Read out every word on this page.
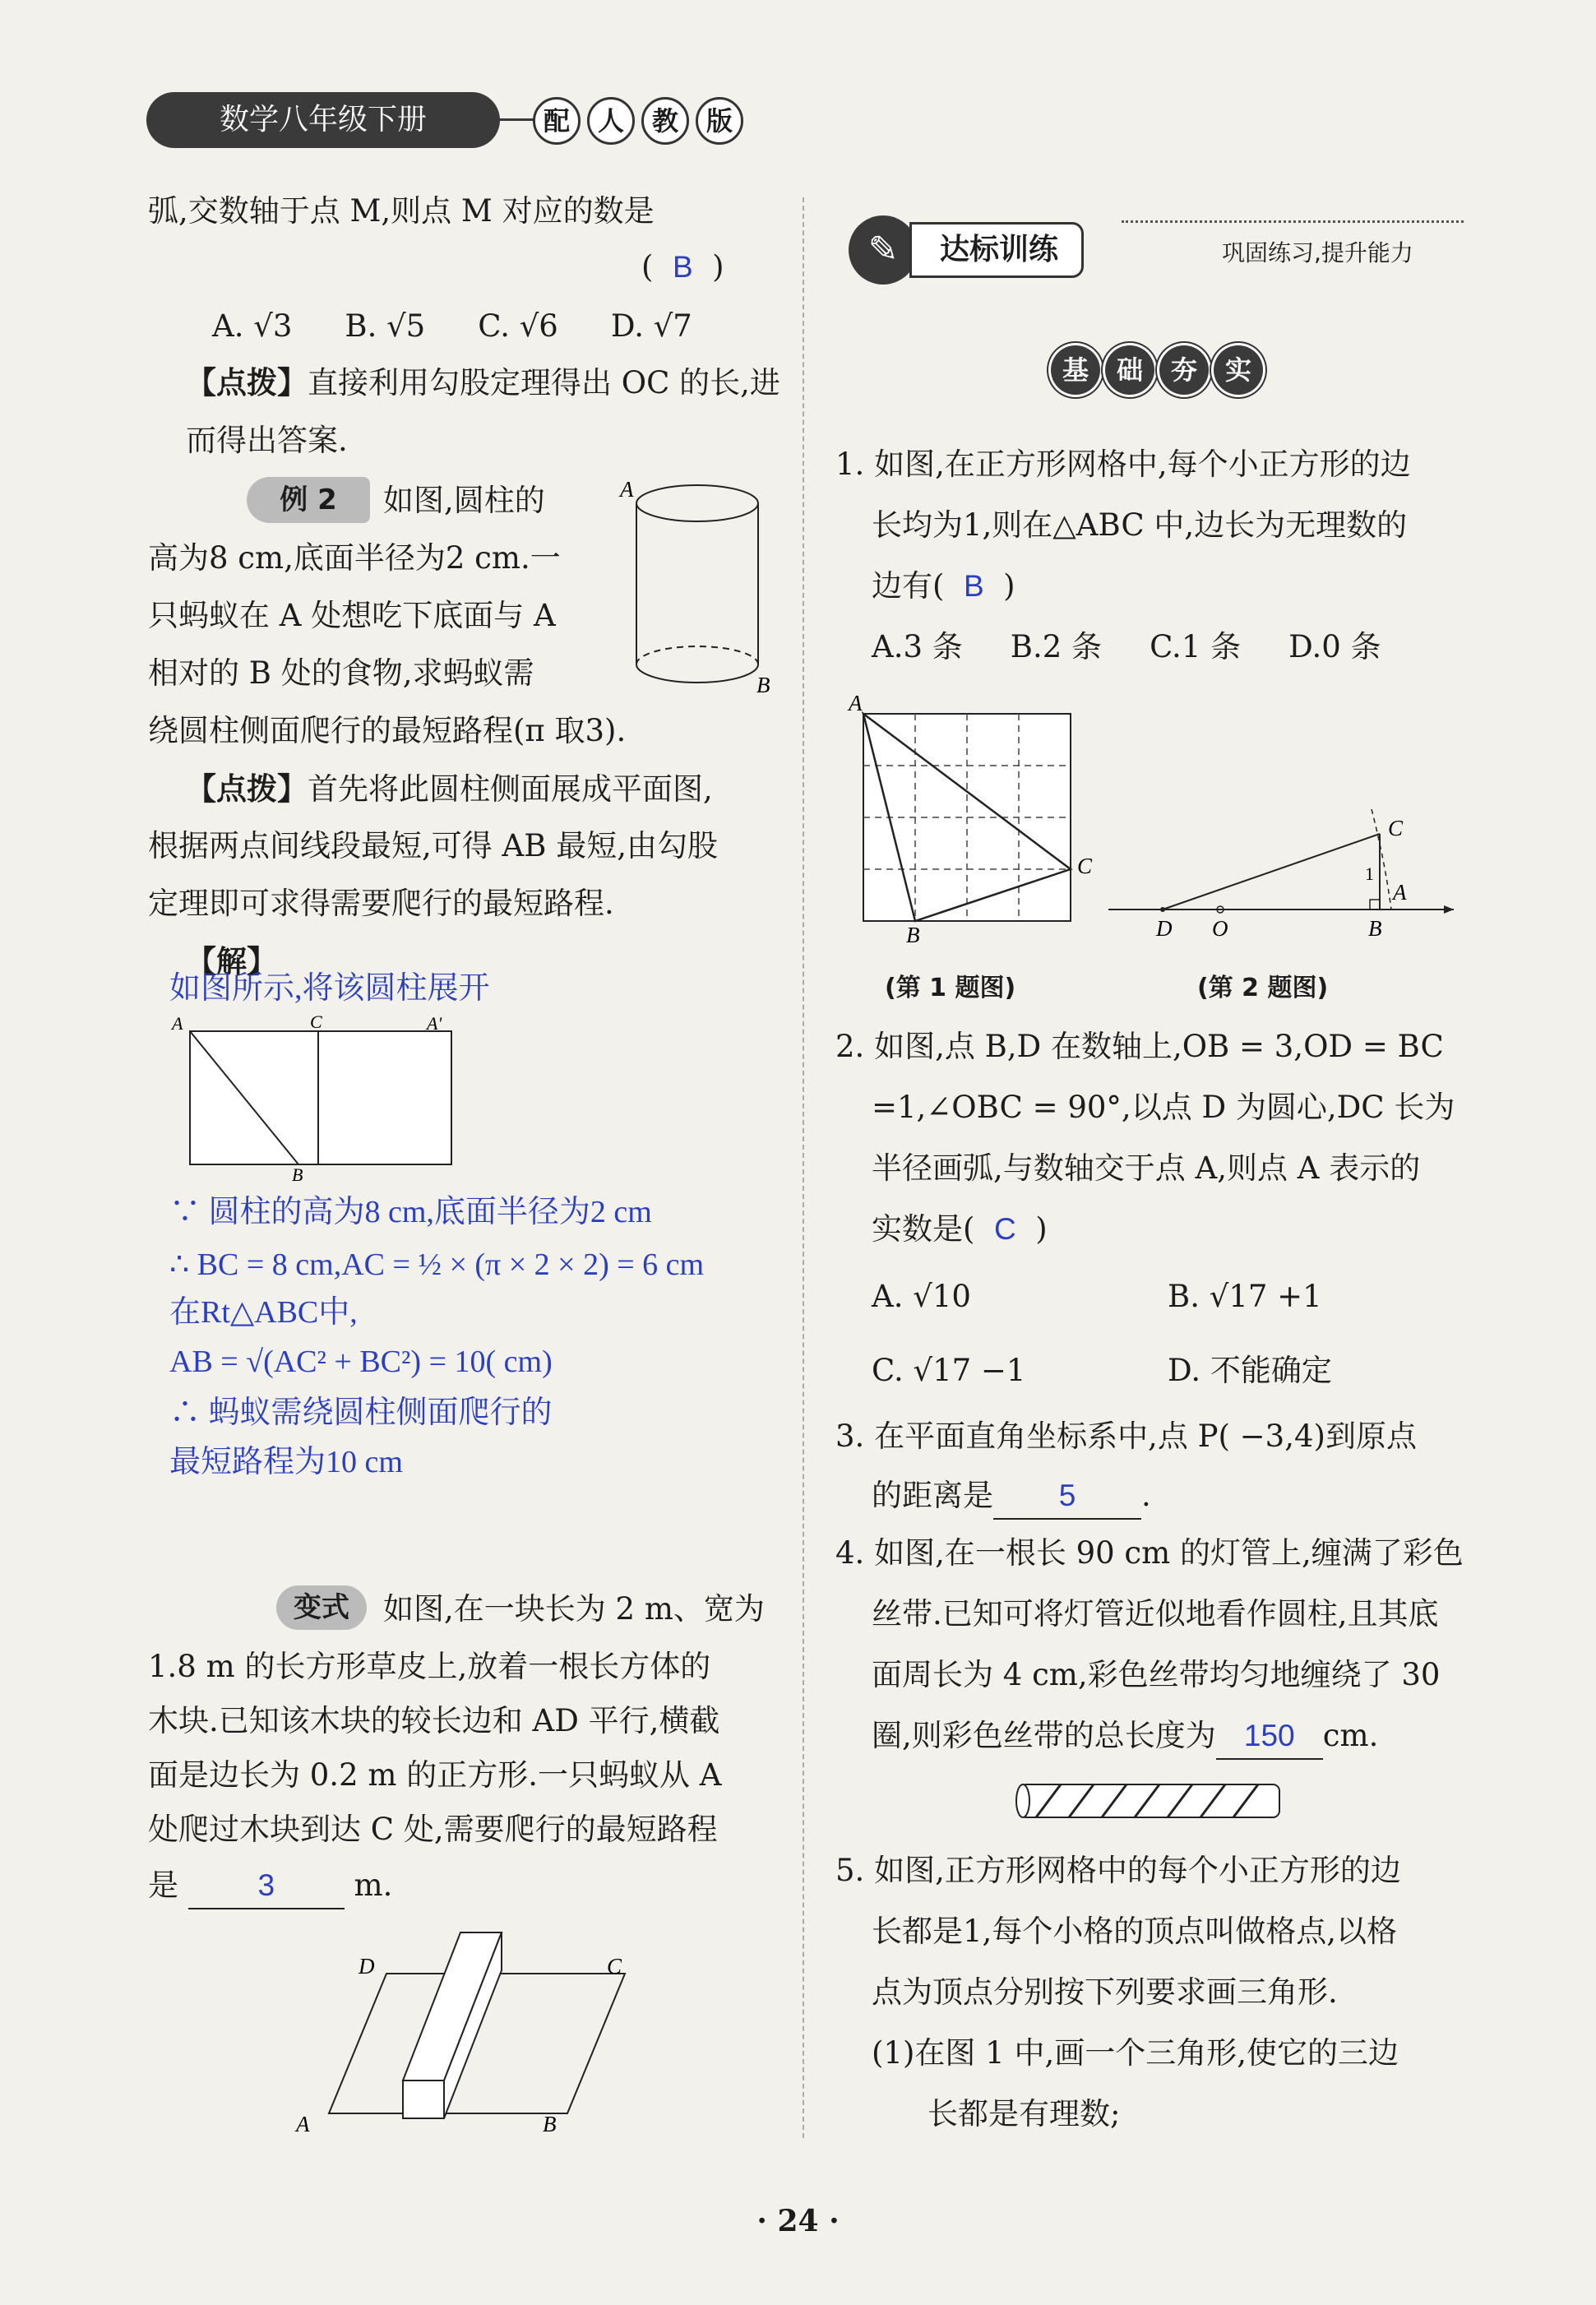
数学八年级下册	配	人	教	版
弧,交数轴于点 M,则点 M 对应的数是
(  B  )
A. √3 B. √5 C. √6 D. √7
【点拨】直接利用勾股定理得出 OC 的长,进而得出答案.
例 2	如图,圆柱的
高为8 cm,底面半径为2 cm.一
只蚂蚁在 A 处想吃下底面与 A
相对的 B 处的食物,求蚂蚁需
绕圆柱侧面爬行的最短路程(π 取3).
A
B
【点拨】首先将此圆柱侧面展成平面图,
根据两点间线段最短,可得 AB 最短,由勾股
定理即可求得需要爬行的最短路程.
【解】
如图所示,将该圆柱展开
A	C	A'
B
∵ 圆柱的高为8 cm,底面半径为2 cm
∴ BC = 8 cm,AC = ½ × (π × 2 × 2) = 6 cm
在Rt△ABC中,
AB = √(AC² + BC²) = 10( cm)
∴ 蚂蚁需绕圆柱侧面爬行的
最短路程为10 cm
变式	如图,在一块长为 2 m、宽为
1.8 m 的长方形草皮上,放着一根长方体的
木块.已知该木块的较长边和 AD 平行,横截
面是边长为 0.2 m 的正方形.一只蚂蚁从 A
处爬过木块到达 C 处,需要爬行的最短路程
是	3	m.
D	C
A	B
✎	达标训练	巩固练习,提升能力
基	础	夯	实
1. 如图,在正方形网格中,每个小正方形的边
长均为1,则在△ABC 中,边长为无理数的
边有( B  )
A.3 条 B.2 条 C.1 条 D.0 条
A
C
B	D O	B
C
A
1
(第 1 题图)	(第 2 题图)
2. 如图,点 B,D 在数轴上,OB = 3,OD = BC
=1,∠OBC = 90°,以点 D 为圆心,DC 长为
半径画弧,与数轴交于点 A,则点 A 表示的
实数是( C  )
A. √10	B. √17 +1
C. √17 −1	D. 不能确定
3. 在平面直角坐标系中,点 P( −3,4)到原点
的距离是 5 .
4. 如图,在一根长 90 cm 的灯管上,缠满了彩色
丝带.已知可将灯管近似地看作圆柱,且其底
面周长为 4 cm,彩色丝带均匀地缠绕了 30
圈,则彩色丝带的总长度为 150 cm.
5. 如图,正方形网格中的每个小正方形的边
长都是1,每个小格的顶点叫做格点,以格
点为顶点分别按下列要求画三角形.
(1)在图 1 中,画一个三角形,使它的三边
长都是有理数;
· 24 ·
